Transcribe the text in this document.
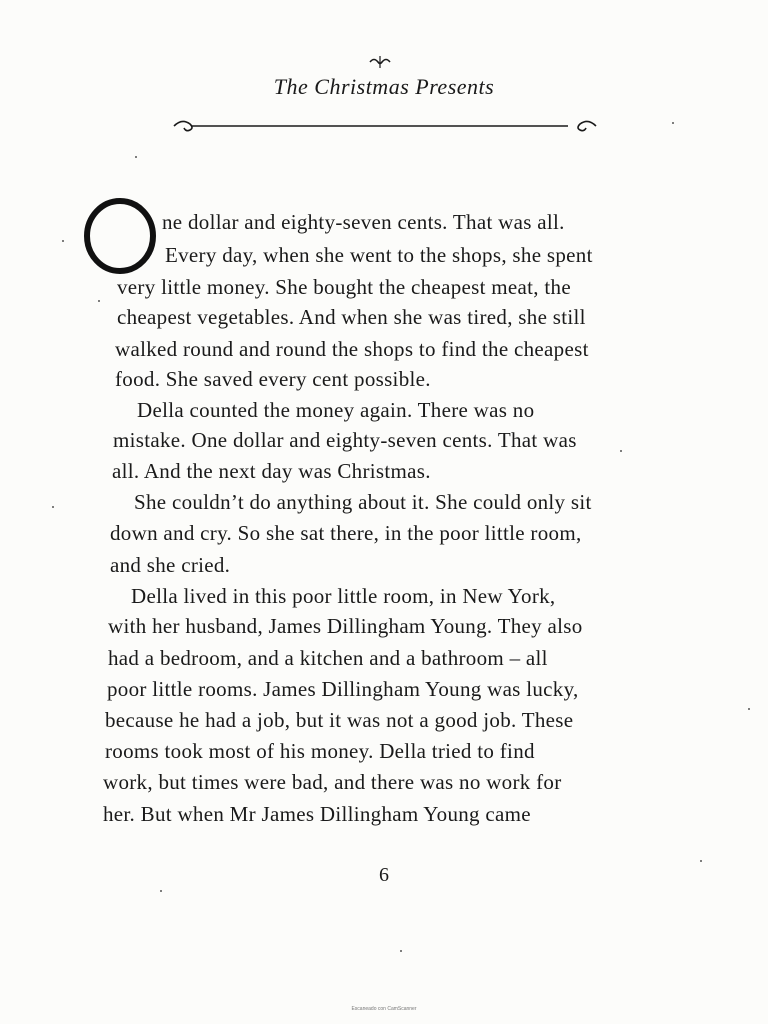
The Christmas Presents
ne dollar and eighty-seven cents. That was all.
Every day, when she went to the shops, she spent
very little money. She bought the cheapest meat, the
cheapest vegetables. And when she was tired, she still
walked round and round the shops to find the cheapest
food. She saved every cent possible.
Della counted the money again. There was no
mistake. One dollar and eighty-seven cents. That was
all. And the next day was Christmas.
She couldn’t do anything about it. She could only sit
down and cry. So she sat there, in the poor little room,
and she cried.
Della lived in this poor little room, in New York,
with her husband, James Dillingham Young. They also
had a bedroom, and a kitchen and a bathroom – all
poor little rooms. James Dillingham Young was lucky,
because he had a job, but it was not a good job. These
rooms took most of his money. Della tried to find
work, but times were bad, and there was no work for
her. But when Mr James Dillingham Young came
6
Escaneado con CamScanner
